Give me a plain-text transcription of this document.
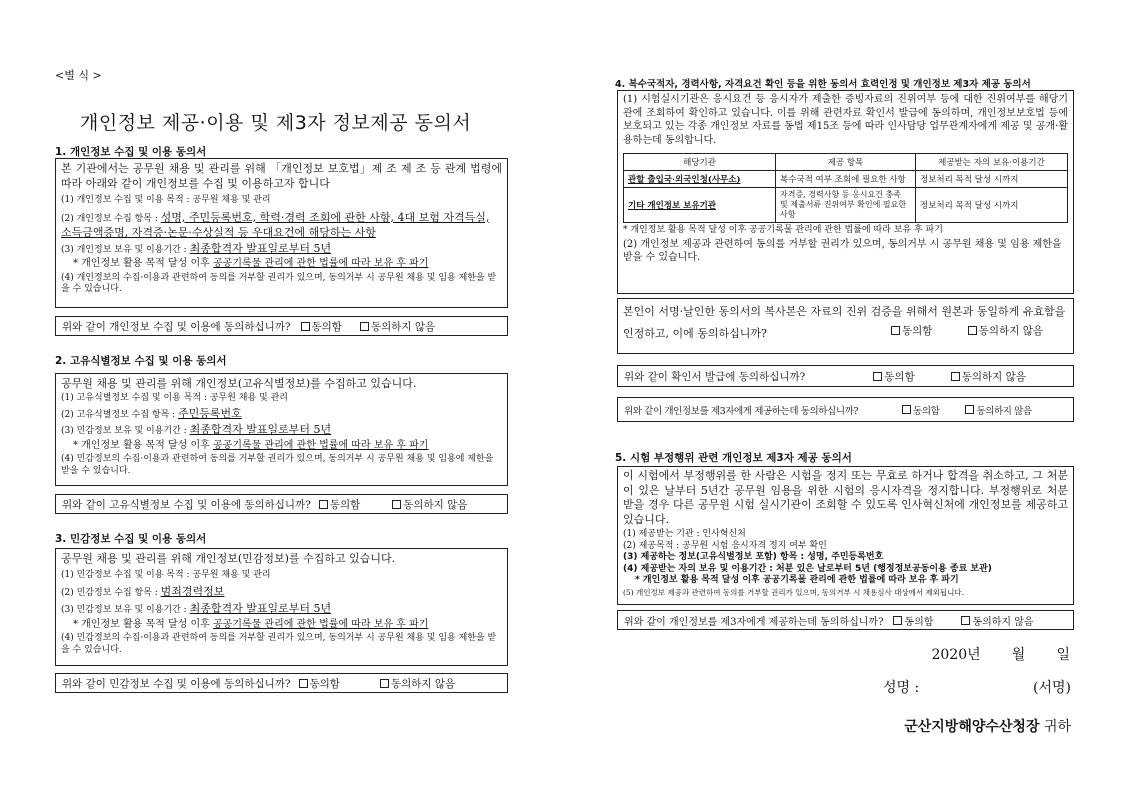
<별 식 >
개인정보 제공·이용 및 제3자 정보제공 동의서
1. 개인정보 수집 및 이용 동의서
본 기관에서는 공무원 채용 및 관리를 위해 「개인정보 보호법」제 조 제 조 등 관계 법령에 따라 아래와 같이 개인정보를 수집 및 이용하고자 합니다
(1) 개인정보 수집 및 이용 목적 : 공무원 채용 및 관리
(2) 개인정보 수집 항목 : 성명, 주민등록번호, 학력·경력 조회에 관한 사항, 4대 보험 자격득실, 소득금액증명, 자격증·논문·수상실적 등 우대요건에 해당하는 사항
(3) 개인정보 보유 및 이용기간 : 최종합격자 발표일로부터 5년
* 개인정보 활용 목적 달성 이후 공공기록물 관리에 관한 법률에 따라 보유 후 파기
(4) 개인정보의 수집·이용과 관련하여 동의를 거부할 권리가 있으며, 동의거부 시 공무원 채용 및 임용 제한을 받을 수 있습니다.
위와 같이 개인정보 수집 및 이용에 동의하십니까? 동의함	동의하지 않음
2. 고유식별정보 수집 및 이용 동의서
공무원 채용 및 관리를 위해 개인정보(고유식별정보)를 수집하고 있습니다.
(1) 고유식별정보 수집 및 이용 목적 : 공무원 채용 및 관리
(2) 고유식별정보 수집 항목 : 주민등록번호
(3) 민감정보 보유 및 이용기간 : 최종합격자 발표일로부터 5년
* 개인정보 활용 목적 달성 이후 공공기록물 관리에 관한 법률에 따라 보유 후 파기
(4) 민감정보의 수집·이용과 관련하여 동의를 거부할 권리가 있으며, 동의거부 시 공무원 채용 및 임용에 제한을 받을 수 있습니다.
위와 같이 고유식별정보 수집 및 이용에 동의하십니까? 동의함	동의하지 않음
3. 민감정보 수집 및 이용 동의서
공무원 채용 및 관리를 위해 개인정보(민감정보)를 수집하고 있습니다.
(1) 민감정보 수집 및 이용 목적 : 공무원 채용 및 관리
(2) 민감정보 수집 항목 : 범죄경력정보
(3) 민감정보 보유 및 이용기간 : 최종합격자 발표일로부터 5년
* 개인정보 활용 목적 달성 이후 공공기록물 관리에 관한 법률에 따라 보유 후 파기
(4) 민감정보의 수집·이용과 관련하여 동의를 거부할 권리가 있으며, 동의거부 시 공무원 채용 및 임용 제한을 받을 수 있습니다.
위와 같이 민감정보 수집 및 이용에 동의하십니까? 동의함	동의하지 않음
4. 복수국적자, 경력사항, 자격요건 확인 등을 위한 동의서 효력인정 및 개인정보 제3자 제공 동의서
(1) 시험실시기관은 응시요건 등 응시자가 제출한 증빙자료의 진위여부 등에 대한 진위여부를 해당기관에 조회하여 확인하고 있습니다. 이를 위해 관련자료 확인서 발급에 동의하며, 개인정보보호법 등에 보호되고 있는 각종 개인정보 자료를 동법 제15조 등에 따라 인사담당 업무관계자에게 제공 및 공개·활용하는데 동의합니다.
해당기관	제공 항목	제공받는 자의 보유·이용기간
관할 출입국·외국인청(사무소)	복수국적 여부 조회에 필요한 사항	정보처리 목적 달성 시까지
기타 개인정보 보유기관	자격증, 경력사항 등 응시요건 충족 및 제출서류 진위여부 확인에 필요한 사항	정보처리 목적 달성 시까지
* 개인정보 활용 목적 달성 이후 공공기록물 관리에 관한 법률에 따라 보유 후 파기
(2) 개인정보 제공과 관련하여 동의를 거부할 권리가 있으며, 동의거부 시 공무원 채용 및 임용 제한을 받을 수 있습니다.
본인이 서명·날인한 동의서의 복사본은 자료의 진위 검증을 위해서 원본과 동일하게 유효함을 인정하고, 이에 동의하십니까?	동의함
	동의하지 않음
위와 같이 확인서 발급에 동의하십니까?	동의함	동의하지 않음
위와 같이 개인정보를 제3자에게 제공하는데 동의하십니까?	동의함	동의하지 않음
5. 시험 부정행위 관련 개인정보 제3자 제공 동의서
이 시험에서 부정행위를 한 사람은 시험을 정지 또는 무효로 하거나 합격을 취소하고, 그 처분이 있은 날부터 5년간 공무원 임용을 위한 시험의 응시자격을 정지합니다. 부정행위로 처분 받을 경우 다른 공무원 시험 실시기관이 조회할 수 있도록 인사혁신처에 개인정보를 제공하고 있습니다.
(1) 제공받는 기관 : 인사혁신처
(2) 제공목적 : 공무원 시험 응시자격 정지 여부 확인
(3) 제공하는 정보(고유식별정보 포함) 항목 : 성명, 주민등록번호
(4) 제공받는 자의 보유 및 이용기간 : 처분 있은 날로부터 5년 (행정정보공동이용 종료 보관)
* 개인정보 활용 목적 달성 이후 공공기록물 관리에 관한 법률에 따라 보유 후 파기
(5) 개인정보 제공과 관련하여 동의를 거부할 권리가 있으며, 동의거부 시 채용심사 대상에서 제외됩니다.
위와 같이 개인정보를 제3자에게 제공하는데 동의하십니까? 동의함	동의하지 않음
2020년       월       일
성명 :	(서명)
군산지방해양수산청장 귀하
